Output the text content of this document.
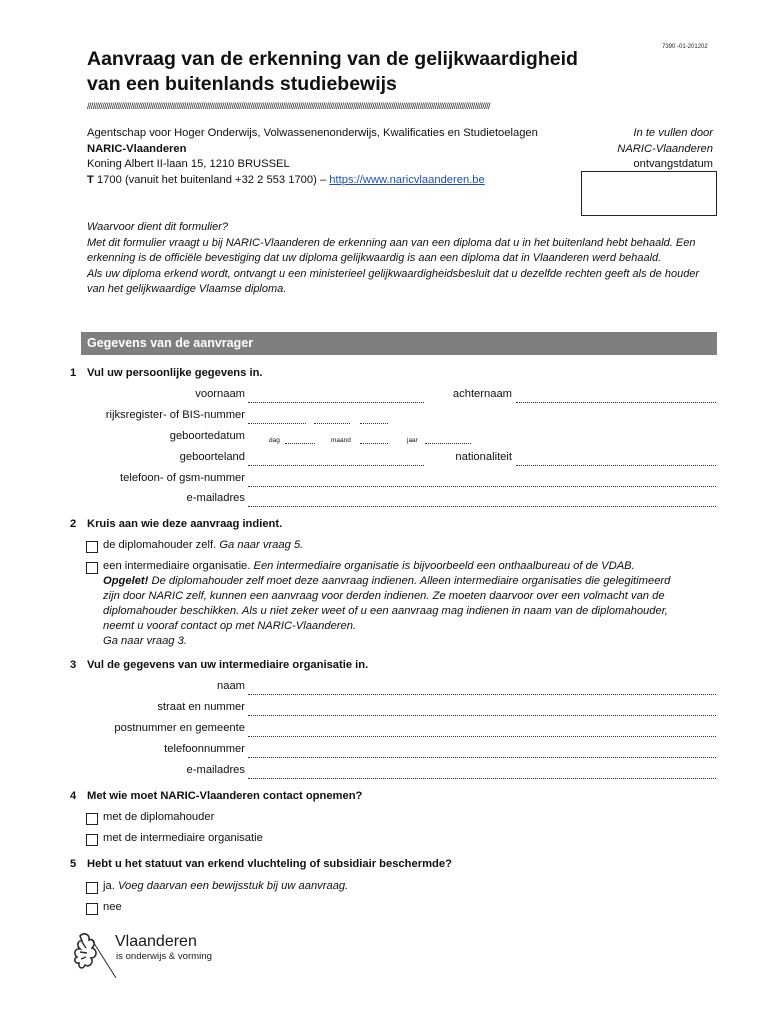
7390 -01-201202
Aanvraag van de erkenning van de gelijkwaardigheid
van een buitenlands studiebewijs
////////////////////////////////////////////////////////////////////////////////////////////////////////////////////////////////////////////////////////////////////////////////////////////////////////////////////
Agentschap voor Hoger Onderwijs, Volwassenenonderwijs, Kwalificaties en Studietoelagen
NARIC-Vlaanderen
Koning Albert II-laan 15, 1210 BRUSSEL
T 1700 (vanuit het buitenland +32 2 553 1700) – https://www.naricvlaanderen.be
In te vullen door
NARIC-Vlaanderen
ontvangstdatum

Waarvoor dient dit formulier?

Met dit formulier vraagt u bij NARIC-Vlaanderen de erkenning aan van een diploma dat u in het buitenland hebt behaald. Een erkenning is de officiële bevestiging dat uw diploma gelijkwaardig is aan een diploma dat in Vlaanderen werd behaald.

Als uw diploma erkend wordt, ontvangt u een ministerieel gelijkwaardigheidsbesluit dat u dezelfde rechten geeft als de houder van het gelijkwaardige Vlaamse diploma.

Gegevens van de aanvrager
1 Vul uw persoonlijke gegevens in.
voornaam	achternaam
rijksregister- of BIS-nummer
geboortedatum	dag	maand	jaar
geboorteland	nationaliteit
telefoon- of gsm-nummer
e-mailadres
2 Kruis aan wie deze aanvraag indient.
de diplomahouder zelf. Ga naar vraag 5.
een intermediaire organisatie. Een intermediaire organisatie is bijvoorbeeld een onthaalbureau of de VDAB.
Opgelet! De diplomahouder zelf moet deze aanvraag indienen. Alleen intermediaire organisaties die gelegitimeerd
zijn door NARIC zelf, kunnen een aanvraag voor derden indienen. Ze moeten daarvoor over een volmacht van de
diplomahouder beschikken. Als u niet zeker weet of u een aanvraag mag indienen in naam van de diplomahouder,
neemt u vooraf contact op met NARIC-Vlaanderen.
Ga naar vraag 3.
3 Vul de gegevens van uw intermediaire organisatie in.
naam
straat en nummer
postnummer en gemeente
telefoonnummer
e-mailadres
4 Met wie moet NARIC-Vlaanderen contact opnemen?
met de diplomahouder
met de intermediaire organisatie
5 Hebt u het statuut van erkend vluchteling of subsidiair beschermde?
ja. Voeg daarvan een bewijsstuk bij uw aanvraag.
nee
Vlaanderen
is onderwijs & vorming
